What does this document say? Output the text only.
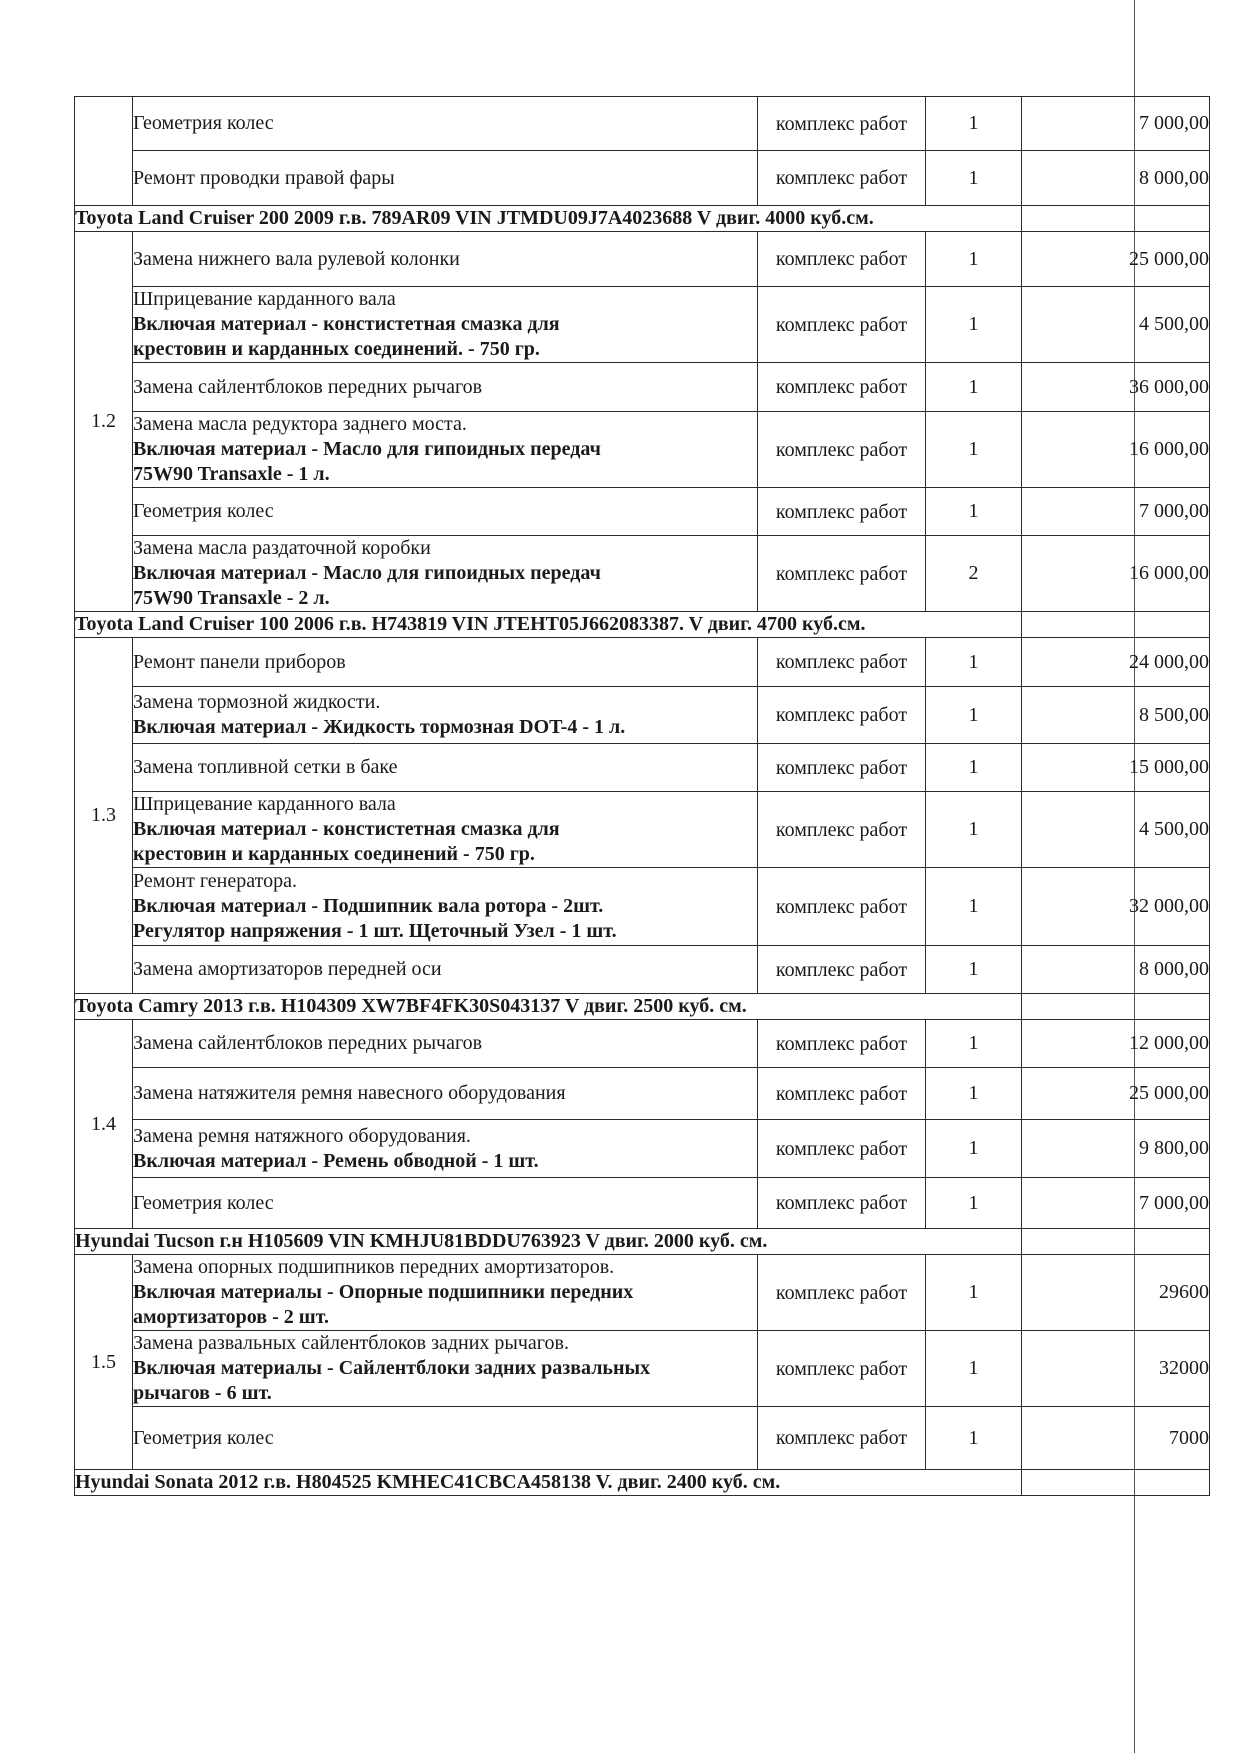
	Геометрия колес	комплекс работ	1	7 000,00

	Ремонт проводки правой фары	комплекс работ	1	8 000,00
Toyota Land Cruiser 200 2009 г.в. 789AR09 VIN JTMDU09J7A4023688 V двиг. 4000 куб.см.				
1.2	Замена нижнего вала рулевой колонки	комплекс работ	1	25 000,00

	Шприцевание карданного вала
Включая материал - констистетная смазка для
крестовин и карданных соединений. - 750 гр.	комплекс работ	1	4 500,00

	Замена сайлентблоков передних рычагов	комплекс работ	1	36 000,00

	Замена масла редуктора заднего моста.
Включая материал - Масло для гипоидных передач
75W90 Transaxle - 1 л.	комплекс работ	1	16 000,00

	Геометрия колес	комплекс работ	1	7 000,00

	Замена масла раздаточной коробки
Включая материал - Масло для гипоидных передач
75W90 Transaxle - 2 л.	комплекс работ	2	16 000,00
Toyota Land Cruiser 100 2006 г.в. H743819 VIN JTEHT05J662083387. V двиг. 4700 куб.см.				
1.3	Ремонт панели приборов	комплекс работ	1	24 000,00

	Замена тормозной жидкости.
Включая материал - Жидкость тормозная DOT-4 - 1 л.	комплекс работ	1	8 500,00

	Замена топливной сетки в баке	комплекс работ	1	15 000,00

	Шприцевание карданного вала
Включая материал - констистетная смазка для
крестовин и карданных соединений - 750 гр.	комплекс работ	1	4 500,00

	Ремонт генератора.
Включая материал - Подшипник вала ротора - 2шт.
Регулятор напряжения - 1 шт. Щеточный Узел - 1 шт.	комплекс работ	1	32 000,00

	Замена амортизаторов передней оси	комплекс работ	1	8 000,00
Toyota Camry 2013 г.в. H104309 XW7BF4FK30S043137 V двиг. 2500 куб. см.				
1.4	Замена сайлентблоков передних рычагов	комплекс работ	1	12 000,00

	Замена натяжителя ремня навесного оборудования	комплекс работ	1	25 000,00

	Замена ремня натяжного оборудования.
Включая материал - Ремень обводной - 1 шт.	комплекс работ	1	9 800,00

	Геометрия колес	комплекс работ	1	7 000,00
Hyundai Tucson г.н H105609 VIN KMHJU81BDDU763923 V двиг. 2000 куб. см.				
1.5	Замена опорных подшипников передних амортизаторов.
Включая материалы - Опорные подшипники передних
амортизаторов - 2 шт.	комплекс работ	1	29600

	Замена развальных сайлентблоков задних рычагов.
Включая материалы - Сайлентблоки задних развальных
рычагов - 6 шт.	комплекс работ	1	32000

	Геометрия колес	комплекс работ	1	7000
Hyundai Sonata 2012 г.в. H804525 KMHEC41CBCA458138 V. двиг. 2400 куб. см.				
